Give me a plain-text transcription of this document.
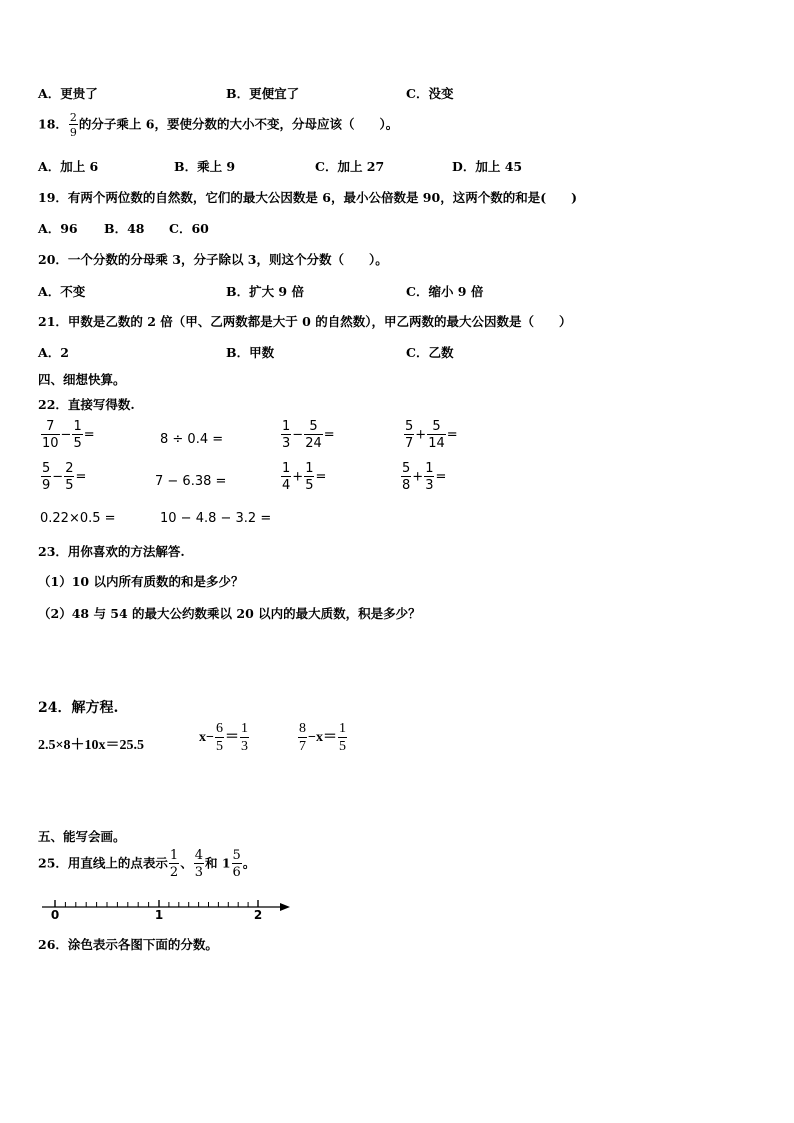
A．更贵了	B．更便宜了	C．没变
18． $\frac{2}{9}$ 的分子乘上 6，要使分数的大小不变，分母应该（　　）。
A．加上 6	B．乘上 9	C．加上 27	D．加上 45
19．有两个两位数的自然数，它们的最大公因数是 6，最小公倍数是 90，这两个数的和是(　　)
A．96 B．48 C．60
20．一个分数的分母乘 3，分子除以 3，则这个分数（　　）。
A．不变	B．扩大 9 倍	C．缩小 9 倍
21．甲数是乙数的 2 倍（甲、乙两数都是大于 0 的自然数），甲乙两数的最大公因数是（　　）
A．2	B．甲数	C．乙数
四、细想快算。
22．直接写得数.
$\frac{7}{10} - \frac{1}{5}$ =	8 ÷ 0.4 =	$\frac{1}{3} - \frac{5}{24}$ =	$\frac{5}{7} + \frac{5}{14}$ =
$\frac{5}{9} - \frac{2}{5}$ =	7 − 6.38 =	$\frac{1}{4} + \frac{1}{5}$ =	$\frac{5}{8} + \frac{1}{3}$ =
0.22×0.5 =	10 − 4.8 − 3.2 =
23．用你喜欢的方法解答.
（1）10 以内所有质数的和是多少？
（2）48 与 54 的最大公约数乘以 20 以内的最大质数，积是多少？
24．解方程.
2.5×8＋10x＝25.5
$x- \frac{6}{5} = \frac{1}{3}$	$\frac{8}{7} -x= \frac{1}{5}$
五、能写会画。
25．用直线上的点表示 $\frac{1}{2}$ 、 $\frac{4}{3}$ 和 $1 \frac{5}{6}$ 。
0	1	2
26．涂色表示各图下面的分数。
